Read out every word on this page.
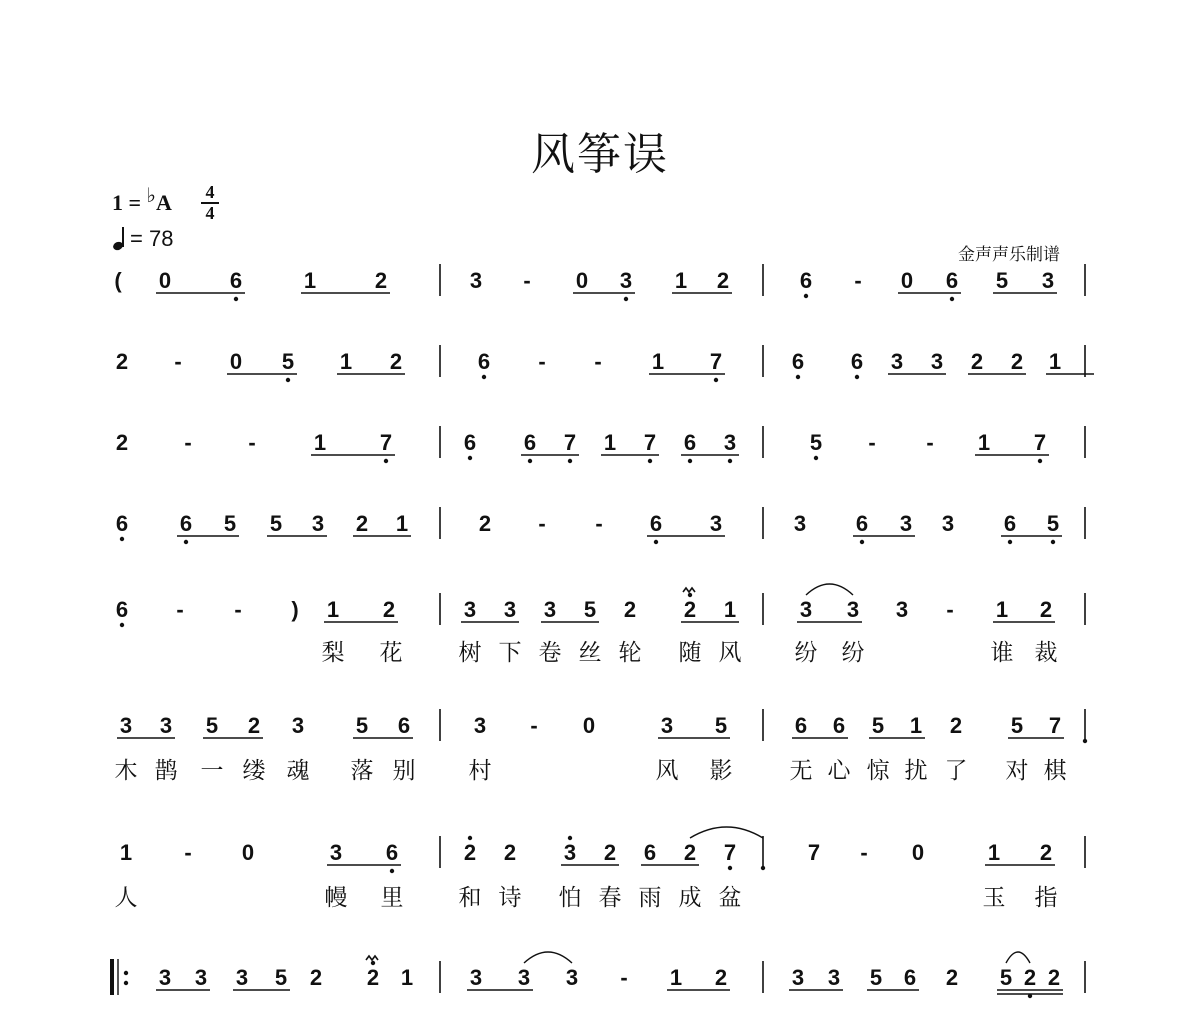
风筝误
1 = ♭A	4
4
= 78
金声声乐制谱
( 0	6	1	2	3 - 0 3 1 2	6 - 0 6 5 3
2 - 0 5 1 2	6 - - 1 7	6 6 3 3 2 2 1
2	-	-	1 7	6 6 7 1 7 6 3	5 - - 1 7
6 6 5 5 3 2 1	2 - - 6 3	3 6 3 3 6 5
6 - - ) 1 2	3 3 3 5 2 2 1	3 3 3 - 1 2
3 3 5 2 3 5 6	3 - 0	3 5	6 6 5 1 2 5 7
1 - 0	3 6	2 2 3 2 6 2 7	7 - 0	1 2
3 3 3 5 2 2 1	3 3 3 - 1 2	3 3 5 6 2 5 2 2
梨 花 树 下 卷 丝 轮 随 风 纷 纷	谁 裁
木 鹊 一 缕 魂 落 别 村	风 影 无 心 惊 扰 了 对 棋
人	幔 里 和 诗 怕 春 雨 成 盆	玉 指
